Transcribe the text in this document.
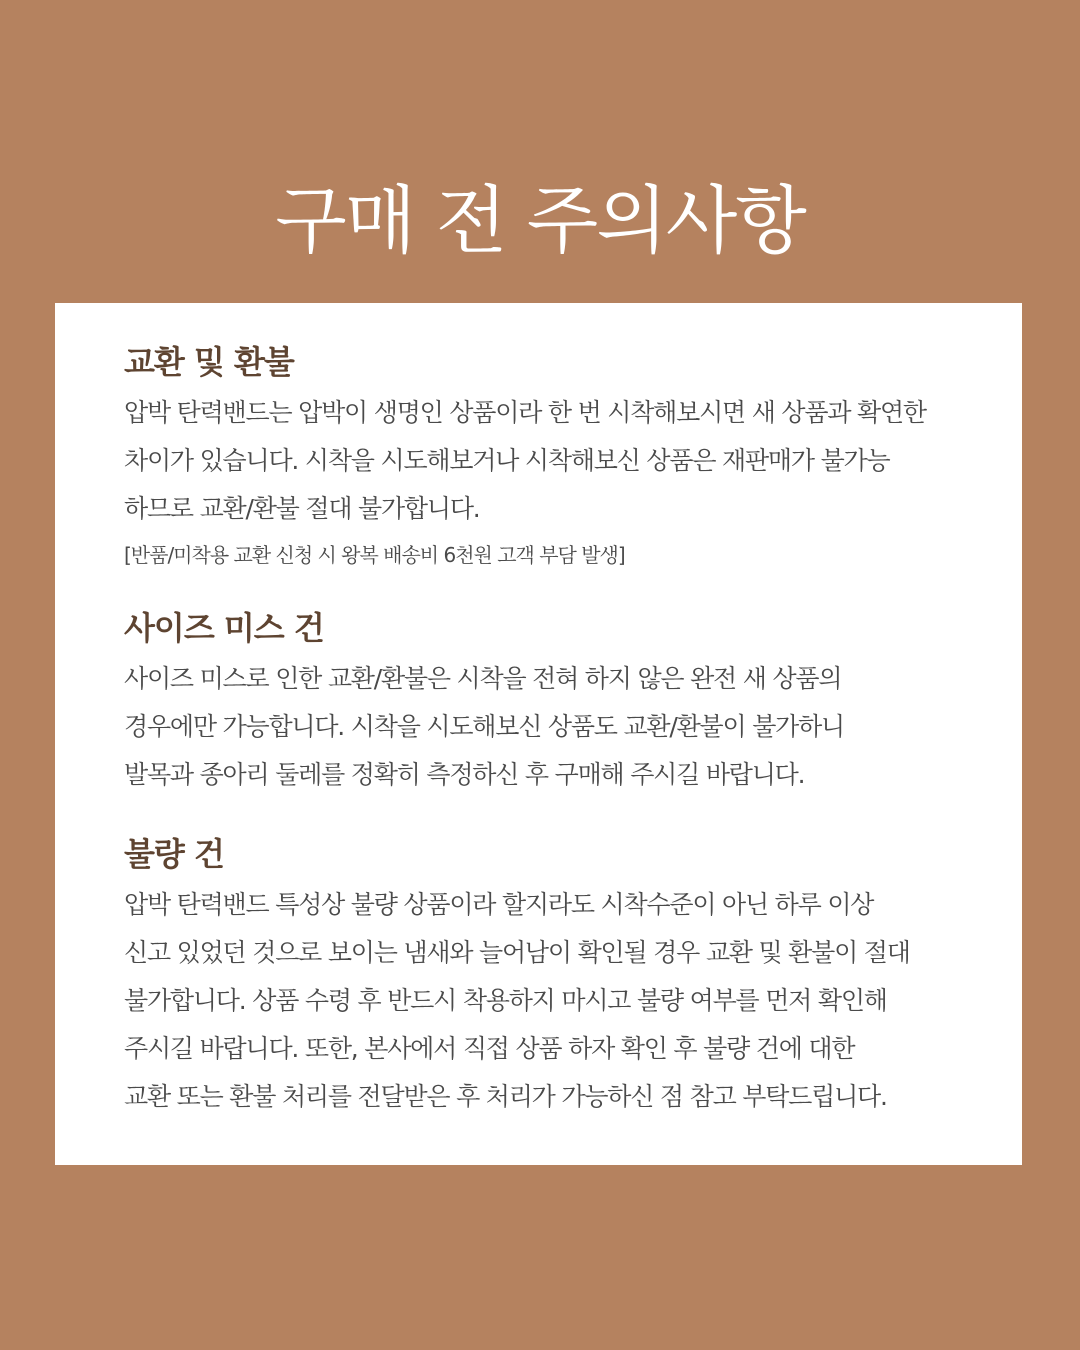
구매 전 주의사항
교환 및 환불

압박 탄력밴드는 압박이 생명인 상품이라 한 번 시착해보시면 새 상품과 확연한
차이가 있습니다. 시착을 시도해보거나 시착해보신 상품은 재판매가 불가능
하므로 교환/환불 절대 불가합니다.

[반품/미착용 교환 신청 시 왕복 배송비 6천원 고객 부담 발생]

사이즈 미스 건

사이즈 미스로 인한 교환/환불은 시착을 전혀 하지 않은 완전 새 상품의
경우에만 가능합니다. 시착을 시도해보신 상품도 교환/환불이 불가하니
발목과 종아리 둘레를 정확히 측정하신 후 구매해 주시길 바랍니다.

불량 건

압박 탄력밴드 특성상 불량 상품이라 할지라도 시착수준이 아닌 하루 이상
신고 있었던 것으로 보이는 냄새와 늘어남이 확인될 경우 교환 및 환불이 절대
불가합니다. 상품 수령 후 반드시 착용하지 마시고 불량 여부를 먼저 확인해
주시길 바랍니다. 또한, 본사에서 직접 상품 하자 확인 후 불량 건에 대한
교환 또는 환불 처리를 전달받은 후 처리가 가능하신 점 참고 부탁드립니다.
